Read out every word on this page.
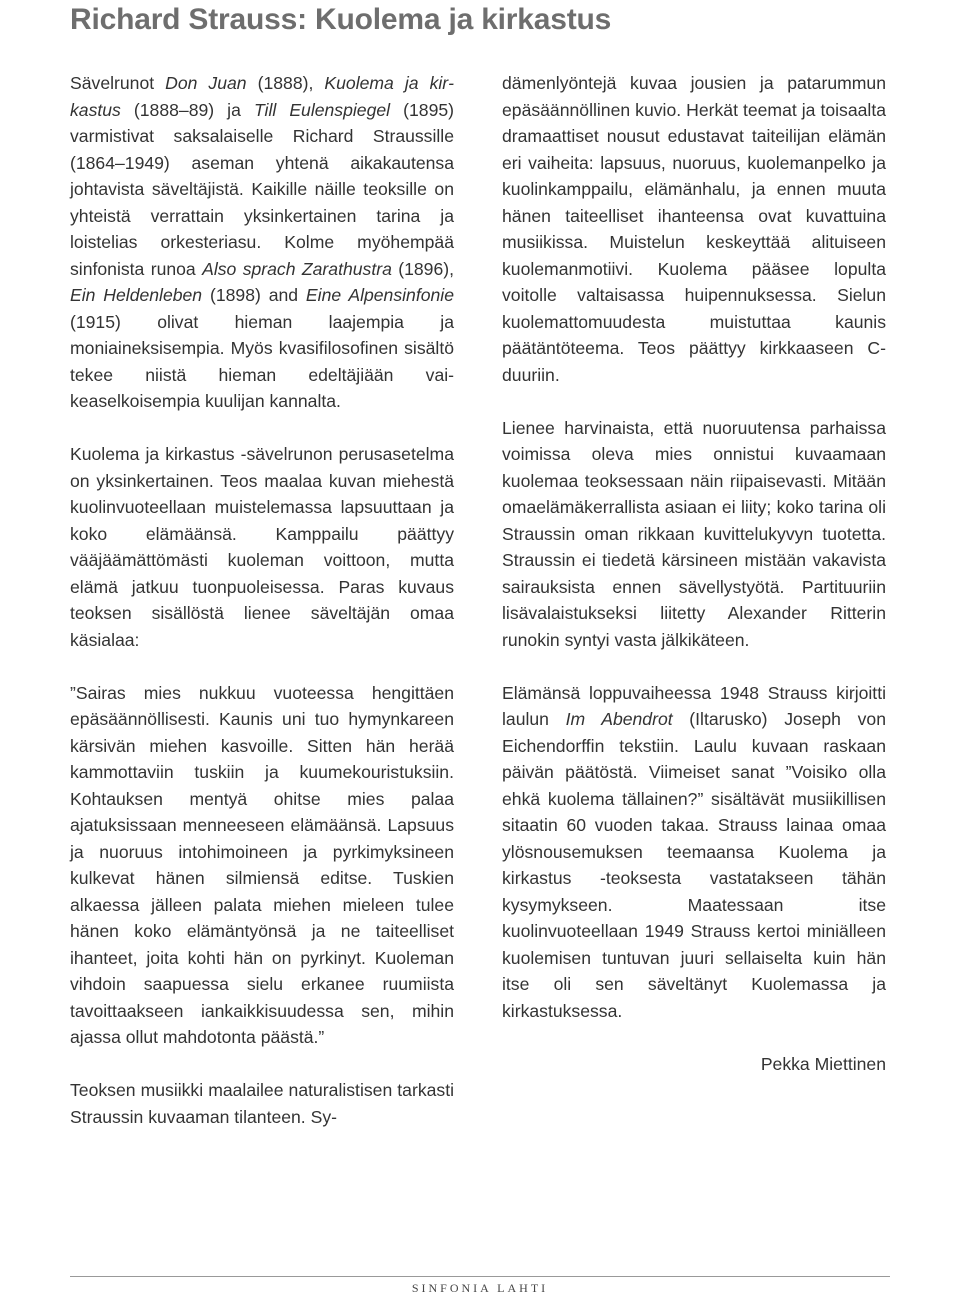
Richard Strauss: Kuolema ja kirkastus

Sävelrunot Don Juan (1888), Kuolema ja kirkastus (1888–89) ja Till Eulenspiegel (1895) varmistivat saksalaiselle Richard Straussille (1864–1949) aseman yhtenä aikakautensa johtavista säveltäjistä. Kaikille näille teoksille on yhteistä verrattain yksinkertainen tarina ja loistelias orkesteriasu. Kolme myöhempää sinfonista runoa Also sprach Zarathustra (1896), Ein Heldenleben (1898) and Eine Alpensinfonie (1915) olivat hieman laajempia ja moniaineksisempia. Myös kvasifilosofinen sisältö tekee niistä hieman edeltäjiään vaikeaselkoisempia kuulijan kannalta.

Kuolema ja kirkastus -sävelrunon perusasetelma on yksinkertainen. Teos maalaa kuvan miehestä kuolinvuoteellaan muistelemassa lapsuuttaan ja koko elämäänsä. Kamppailu päättyy vääjäämättömästi kuoleman voittoon, mutta elämä jatkuu tuonpuoleisessa. Paras kuvaus teoksen sisällöstä lienee säveltäjän omaa käsialaa:

”Sairas mies nukkuu vuoteessa hengittäen epäsäännöllisesti. Kaunis uni tuo hymynkareen kärsivän miehen kasvoille. Sitten hän herää kammottaviin tuskiin ja kuumekouristuksiin. Kohtauksen mentyä ohitse mies palaa ajatuksissaan menneeseen elämäänsä. Lapsuus ja nuoruus intohimoineen ja pyrkimyksineen kulkevat hänen silmiensä editse. Tuskien alkaessa jälleen palata miehen mieleen tulee hänen koko elämäntyönsä ja ne taiteelliset ihanteet, joita kohti hän on pyrkinyt. Kuoleman vihdoin saapuessa sielu erkanee ruumiista tavoittaakseen iankaikkisuudessa sen, mihin ajassa ollut mahdotonta päästä.”

Teoksen musiikki maalailee naturalistisen tarkasti Straussin kuvaaman tilanteen. Sy-

dämenlyöntejä kuvaa jousien ja patarummun epäsäännöllinen kuvio. Herkät teemat ja toisaalta dramaattiset nousut edustavat taiteilijan elämän eri vaiheita: lapsuus, nuoruus, kuolemanpelko ja kuolinkamppailu, elämänhalu, ja ennen muuta hänen taiteelliset ihanteensa ovat kuvattuina musiikissa. Muistelun keskeyttää alituiseen kuolemanmotiivi. Kuolema pääsee lopulta voitolle valtaisassa huipennuksessa. Sielun kuolemattomuudesta muistuttaa kaunis päätäntöteema. Teos päättyy kirkkaaseen C-duuriin.

Lienee harvinaista, että nuoruutensa parhaissa voimissa oleva mies onnistui kuvaamaan kuolemaa teoksessaan näin riipaisevasti. Mitään omaelämäkerrallista asiaan ei liity; koko tarina oli Straussin oman rikkaan kuvittelukyvyn tuotetta. Straussin ei tiedetä kärsineen mistään vakavista sairauksista ennen sävellystyötä. Partituuriin lisävalaistukseksi liitetty Alexander Ritterin runokin syntyi vasta jälkikäteen.

Elämänsä loppuvaiheessa 1948 Strauss kirjoitti laulun Im Abendrot (Iltarusko) Joseph von Eichendorffin tekstiin. Laulu kuvaan raskaan päivän päätöstä. Viimeiset sanat ”Voisiko olla ehkä kuolema tällainen?” sisältävät musiikillisen sitaatin 60 vuoden takaa. Strauss lainaa omaa ylösnousemuksen teemaansa Kuolema ja kirkastus -teoksesta vastatakseen tähän kysymykseen. Maatessaan itse kuolinvuoteellaan 1949 Strauss kertoi miniälleen kuolemisen tuntuvan juuri sellaiselta kuin hän itse oli sen säveltänyt Kuolemassa ja kirkastuksessa.

Pekka Miettinen

SINFONIA LAHTI
